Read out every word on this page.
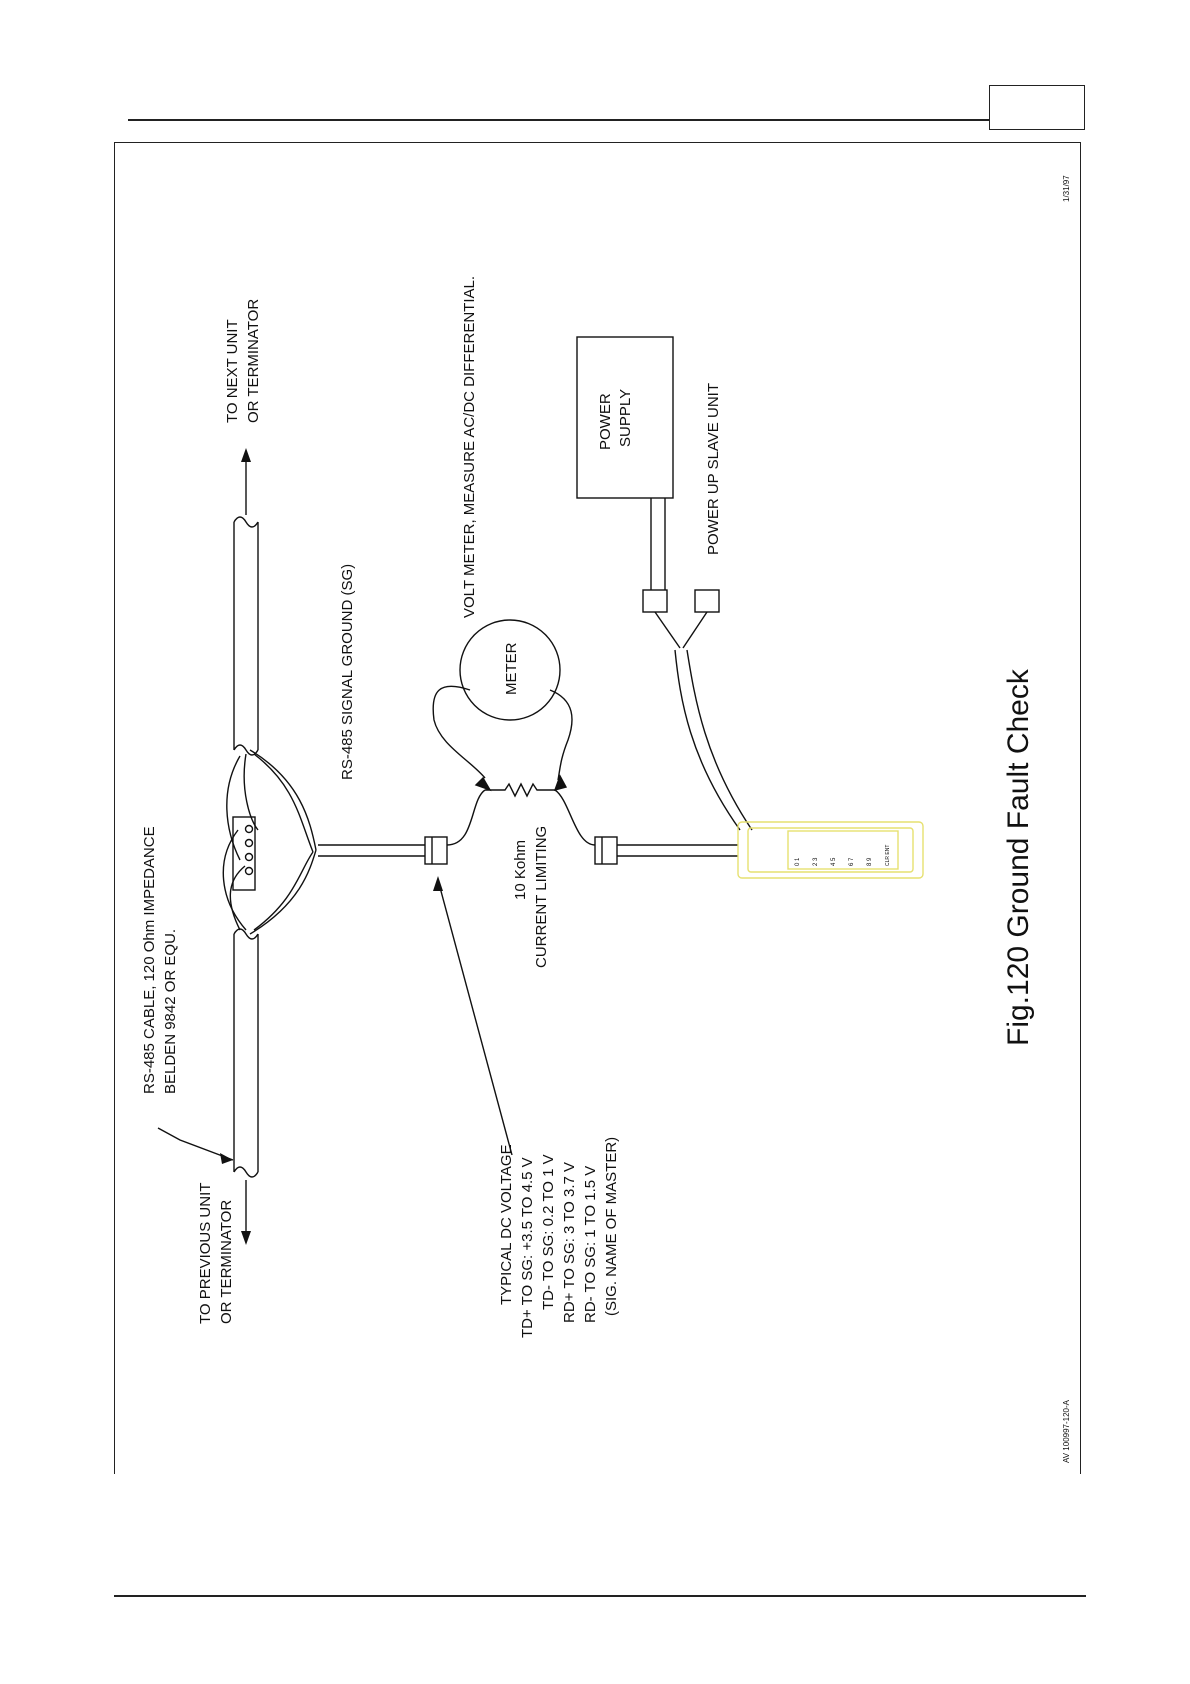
0 1 2 3 4 5 6 7 8 9 CLR ENT
TO NEXT UNIT OR TERMINATOR
TO PREVIOUS UNIT OR TERMINATOR
RS-485 CABLE, 120 Ohm IMPEDANCE BELDEN 9842 OR EQU.
RS-485 SIGNAL GROUND (SG)
VOLT METER, MEASURE AC/DC DIFFERENTIAL.
METER
POWER SUPPLY	POWER UP SLAVE UNIT
10 Kohm CURRENT LIMITING
TYPICAL DC VOLTAGE TD+ TO SG: +3.5 TO 4.5 V TD- TO SG: 0.2 TO 1 V RD+ TO SG: 3 TO 3.7 V RD- TO SG: 1 TO 1.5 V (SIG. NAME OF MASTER)
Fig.120 Ground Fault Check
1/31/97
AV 100997-120-A
